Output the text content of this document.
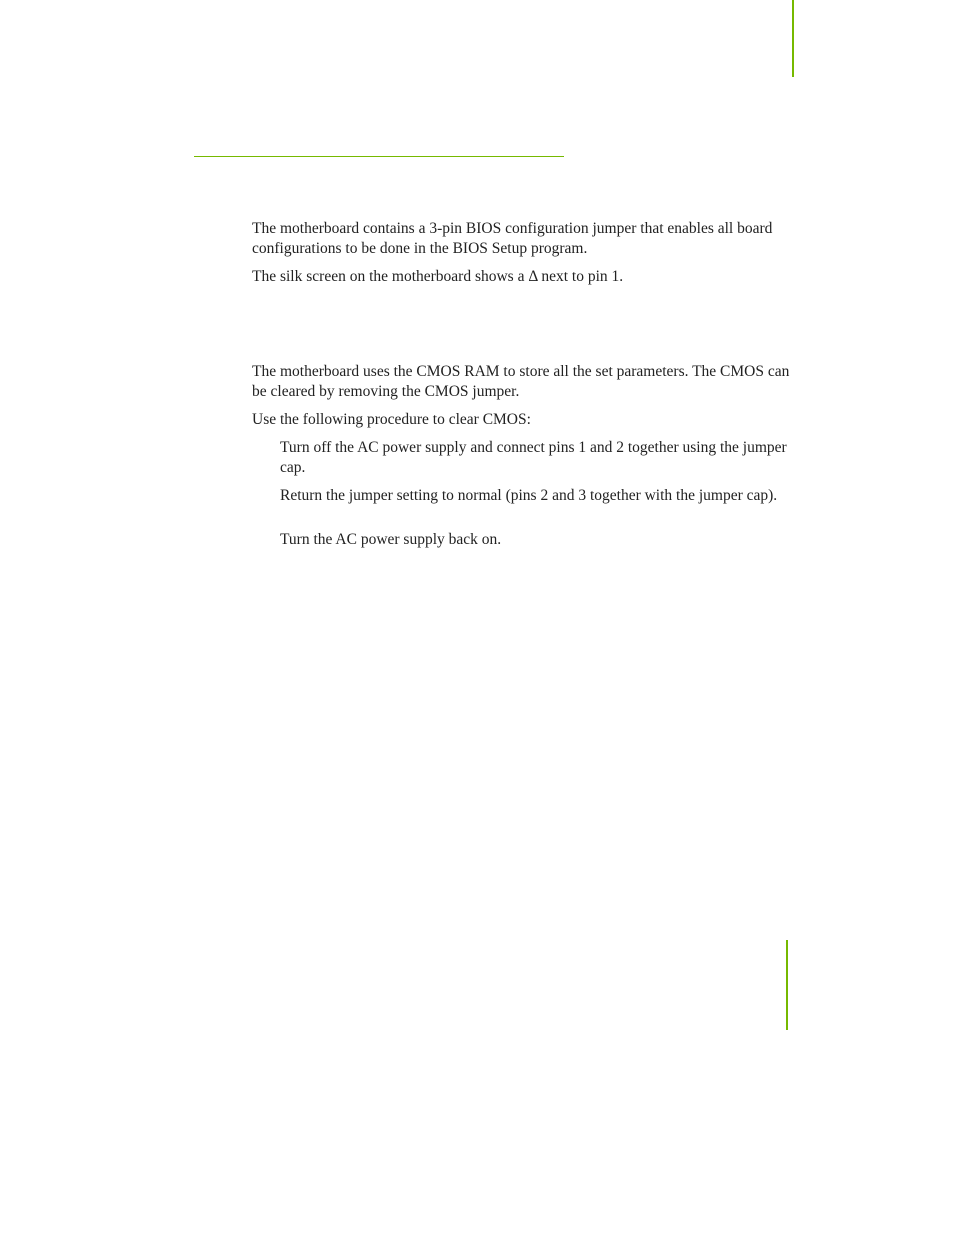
The motherboard contains a 3-pin BIOS configuration jumper that enables all board configurations to be done in the BIOS Setup program.

The silk screen on the motherboard shows a Δ next to pin 1.

The motherboard uses the CMOS RAM to store all the set parameters. The CMOS can be cleared by removing the CMOS jumper.

Use the following procedure to clear CMOS:

Turn off the AC power supply and connect pins 1 and 2 together using the jumper cap.

Return the jumper setting to normal (pins 2 and 3 together with the jumper cap).

Turn the AC power supply back on.
